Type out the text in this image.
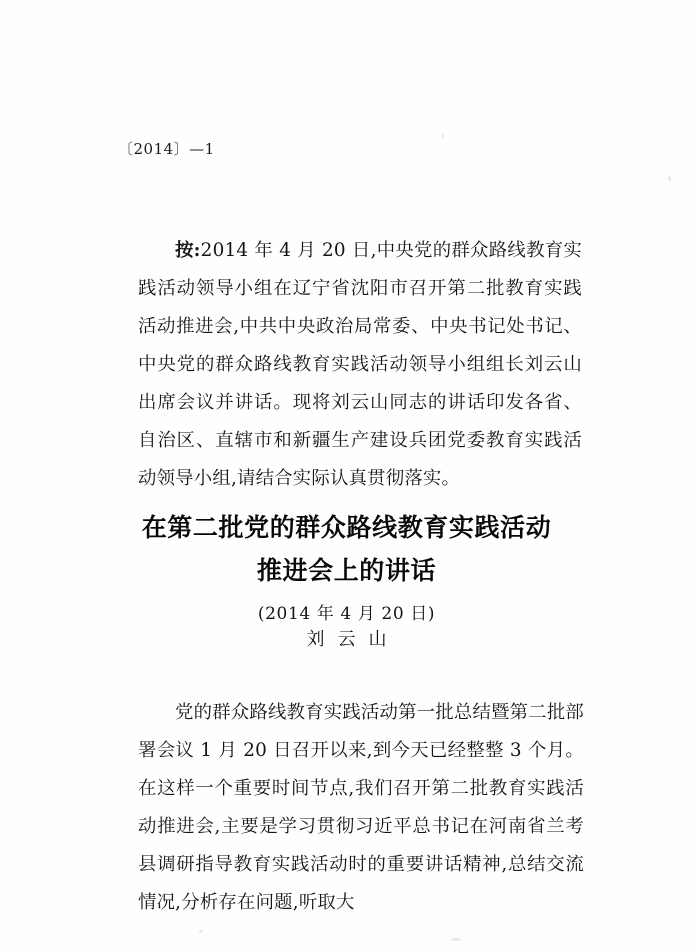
〔2014〕—1

按:2014 年 4 月 20 日,中央党的群众路线教育实践活动领导小组在辽宁省沈阳市召开第二批教育实践活动推进会,中共中央政治局常委、中央书记处书记、中央党的群众路线教育实践活动领导小组组长刘云山出席会议并讲话。现将刘云山同志的讲话印发各省、自治区、直辖市和新疆生产建设兵团党委教育实践活动领导小组,请结合实际认真贯彻落实。

在第二批党的群众路线教育实践活动
推进会上的讲话
(2014 年 4 月 20 日)
刘云山

党的群众路线教育实践活动第一批总结暨第二批部署会议 1 月 20 日召开以来,到今天已经整整 3 个月。在这样一个重要时间节点,我们召开第二批教育实践活动推进会,主要是学习贯彻习近平总书记在河南省兰考县调研指导教育实践活动时的重要讲话精神,总结交流情况,分析存在问题,听取大
